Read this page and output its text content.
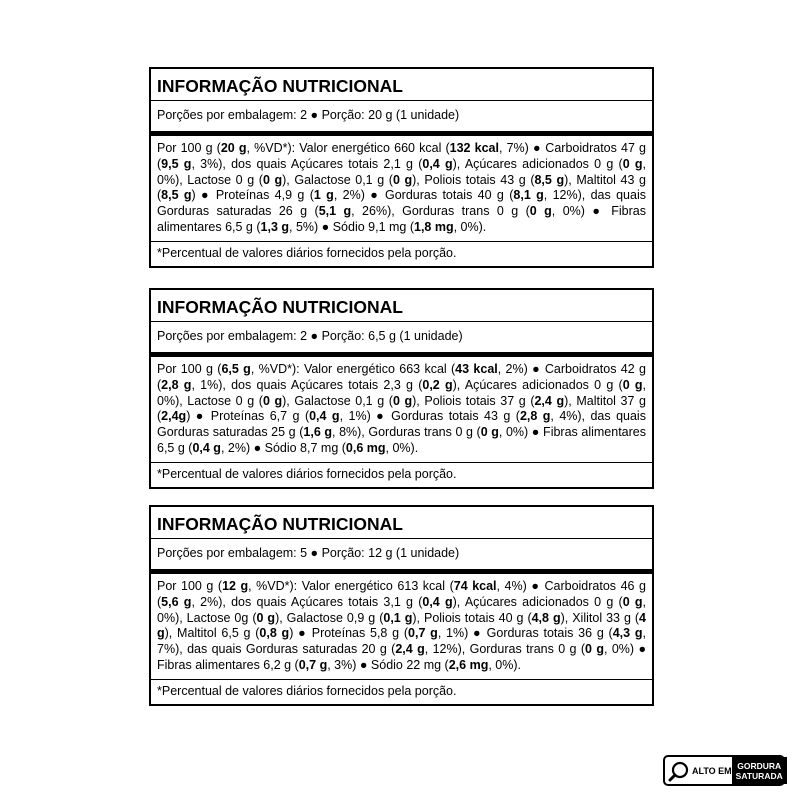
INFORMAÇÃO NUTRICIONAL
Porções por embalagem: 2 ● Porção: 20 g (1 unidade)
Por 100 g (20 g, %VD*): Valor energético 660 kcal (132 kcal, 7%) ● Carboidratos 47 g (9,5 g, 3%), dos quais Açúcares totais 2,1 g (0,4 g), Açúcares adicionados 0 g (0 g, 0%), Lactose 0 g (0 g), Galactose 0,1 g (0 g), Poliois totais 43 g (8,5 g), Maltitol 43 g (8,5 g) ● Proteínas 4,9 g (1 g, 2%) ● Gorduras totais 40 g (8,1 g, 12%), das quais Gorduras saturadas 26 g (5,1 g, 26%), Gorduras trans 0 g (0 g, 0%) ● Fibras alimentares 6,5 g (1,3 g, 5%) ● Sódio 9,1 mg (1,8 mg, 0%).
*Percentual de valores diários fornecidos pela porção.
INFORMAÇÃO NUTRICIONAL
Porções por embalagem: 2 ● Porção: 6,5 g (1 unidade)
Por 100 g (6,5 g, %VD*): Valor energético 663 kcal (43 kcal, 2%) ● Carboidratos 42 g (2,8 g, 1%), dos quais Açúcares totais 2,3 g (0,2 g), Açúcares adicionados 0 g (0 g, 0%), Lactose 0 g (0 g), Galactose 0,1 g (0 g), Poliois totais 37 g (2,4 g), Maltitol 37 g (2,4g) ● Proteínas 6,7 g (0,4 g, 1%) ● Gorduras totais 43 g (2,8 g, 4%), das quais Gorduras saturadas 25 g (1,6 g, 8%), Gorduras trans 0 g (0 g, 0%) ● Fibras alimentares 6,5 g (0,4 g, 2%) ● Sódio 8,7 mg (0,6 mg, 0%).
*Percentual de valores diários fornecidos pela porção.
INFORMAÇÃO NUTRICIONAL
Porções por embalagem: 5 ● Porção: 12 g (1 unidade)
Por 100 g (12 g, %VD*): Valor energético 613 kcal (74 kcal, 4%) ● Carboidratos 46 g (5,6 g, 2%), dos quais Açúcares totais 3,1 g (0,4 g), Açúcares adicionados 0 g (0 g, 0%), Lactose 0g (0 g), Galactose 0,9 g (0,1 g), Poliois totais 40 g (4,8 g), Xilitol 33 g (4 g), Maltitol 6,5 g (0,8 g) ● Proteínas 5,8 g (0,7 g, 1%) ● Gorduras totais 36 g (4,3 g, 7%), das quais Gorduras saturadas 20 g (2,4 g, 12%), Gorduras trans 0 g (0 g, 0%) ● Fibras alimentares 6,2 g (0,7 g, 3%) ● Sódio 22 mg (2,6 mg, 0%).
*Percentual de valores diários fornecidos pela porção.
ALTO EM GORDURA
SATURADA
